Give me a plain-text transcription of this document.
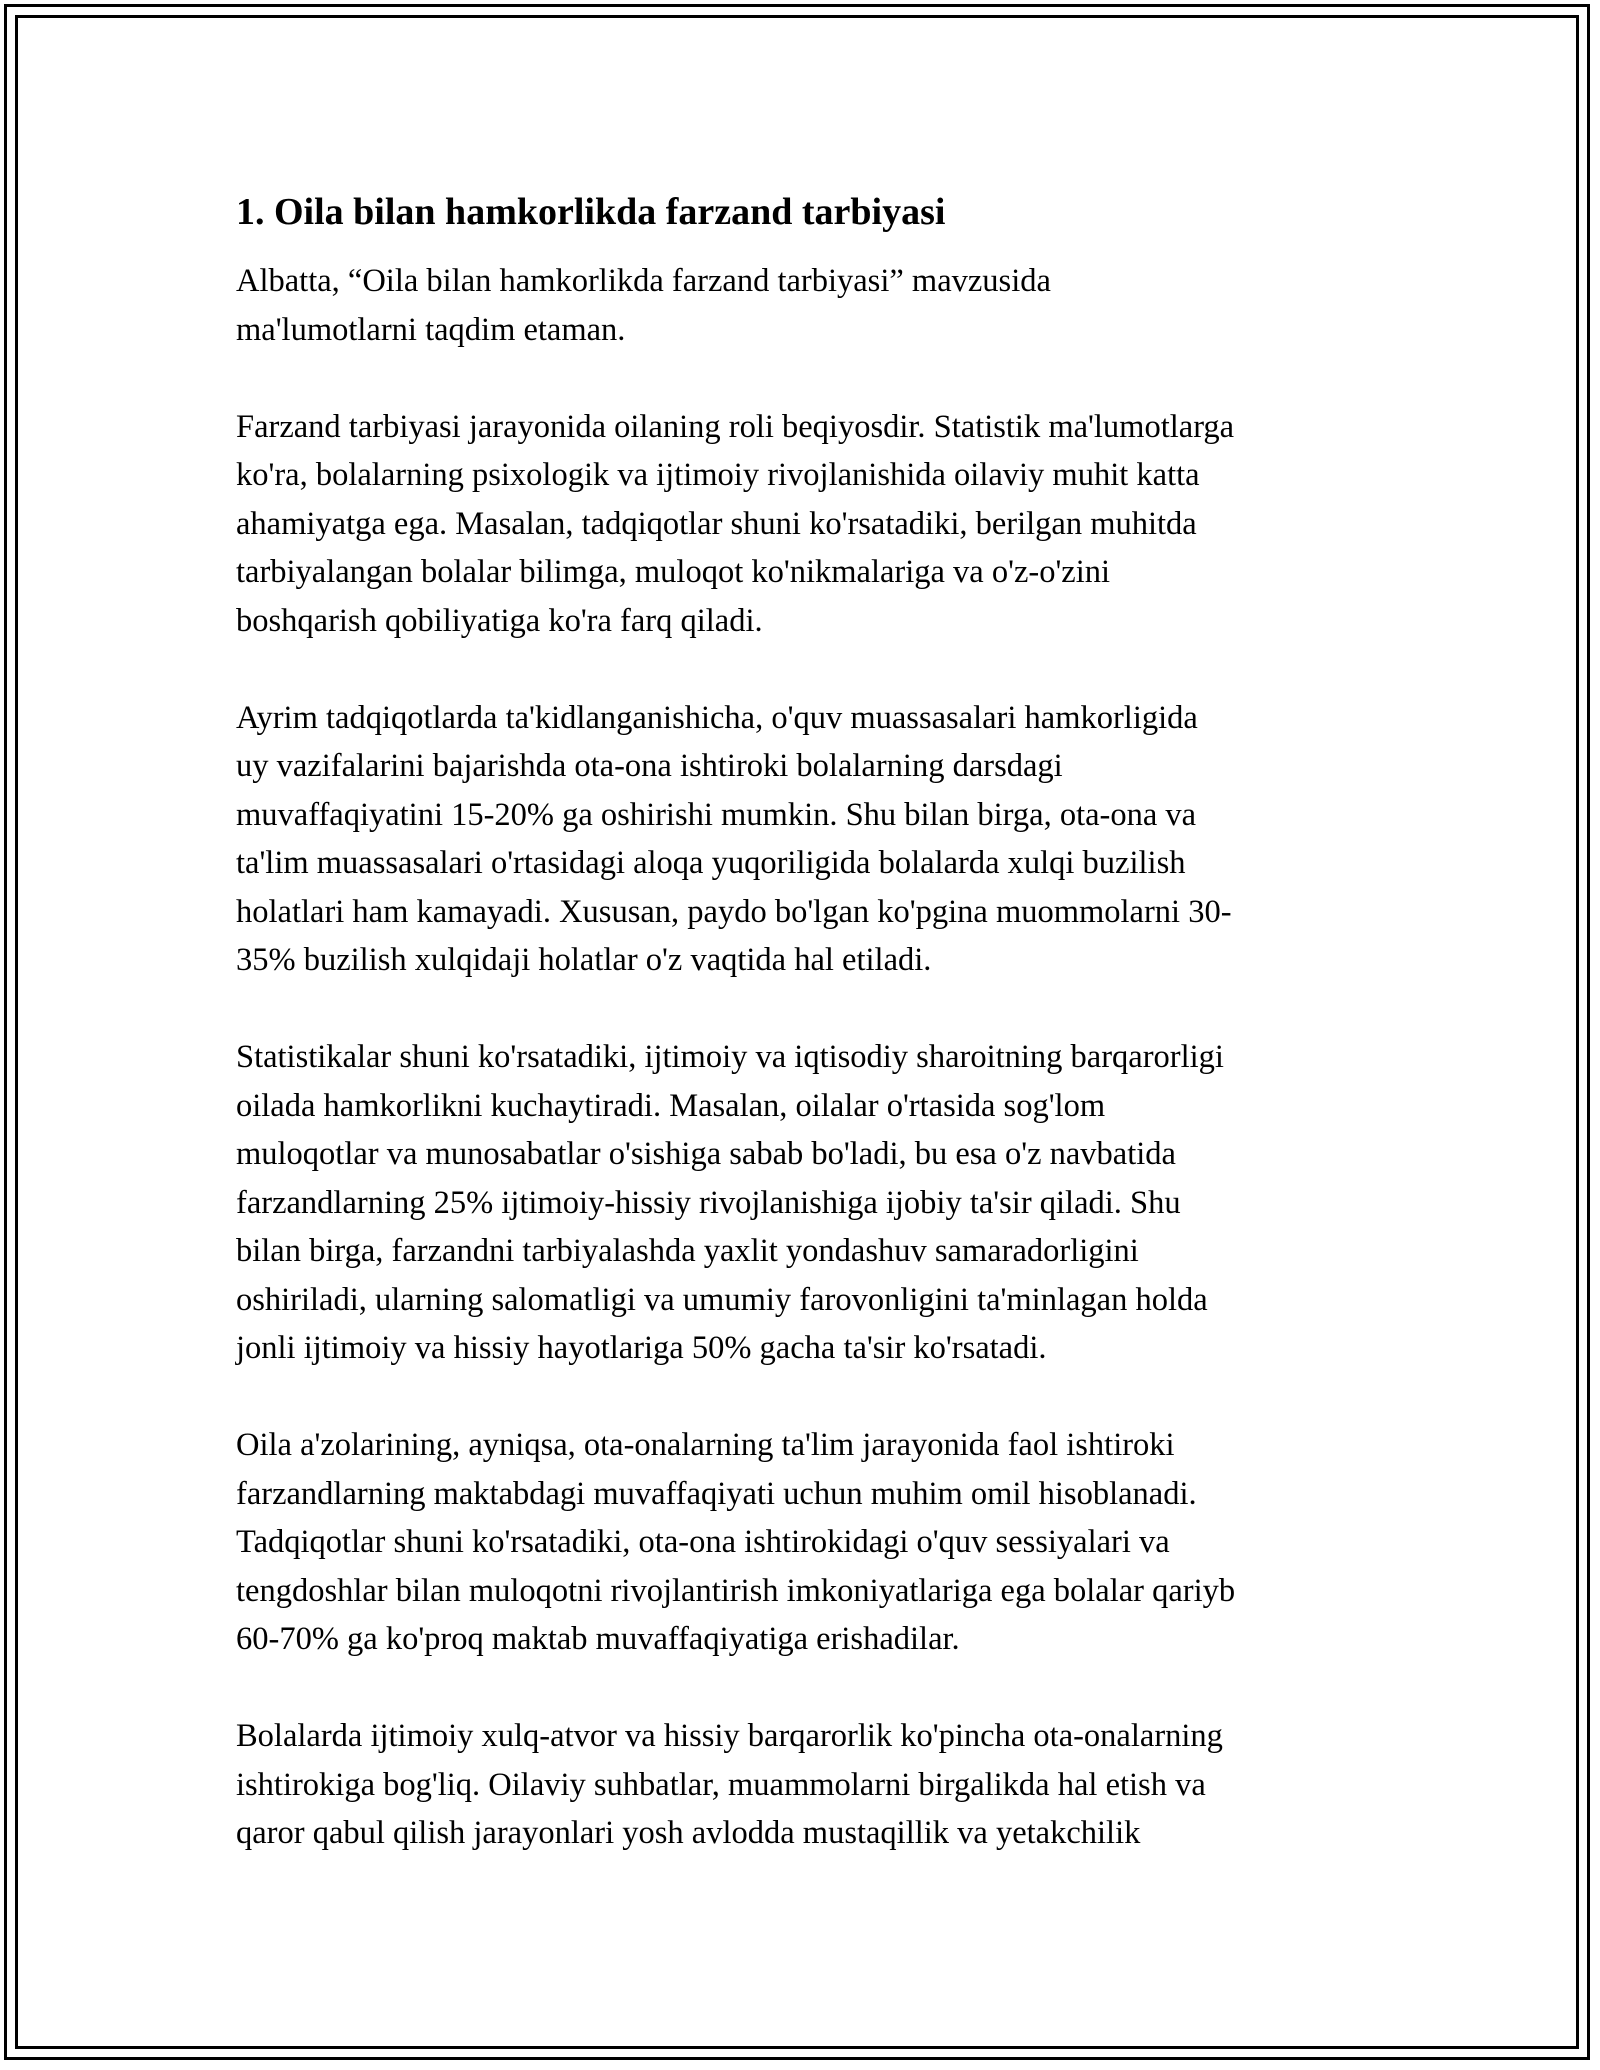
1. Oila bilan hamkorlikda farzand tarbiyasi

Albatta, “Oila bilan hamkorlikda farzand tarbiyasi” mavzusida
ma'lumotlarni taqdim etaman.

Farzand tarbiyasi jarayonida oilaning roli beqiyosdir. Statistik ma'lumotlarga
ko'ra, bolalarning psixologik va ijtimoiy rivojlanishida oilaviy muhit katta
ahamiyatga ega. Masalan, tadqiqotlar shuni ko'rsatadiki, berilgan muhitda
tarbiyalangan bolalar bilimga, muloqot ko'nikmalariga va o'z-o'zini
boshqarish qobiliyatiga ko'ra farq qiladi.

Ayrim tadqiqotlarda ta'kidlanganishicha, o'quv muassasalari hamkorligida
uy vazifalarini bajarishda ota-ona ishtiroki bolalarning darsdagi
muvaffaqiyatini 15-20% ga oshirishi mumkin. Shu bilan birga, ota-ona va
ta'lim muassasalari o'rtasidagi aloqa yuqoriligida bolalarda xulqi buzilish
holatlari ham kamayadi. Xususan, paydo bo'lgan ko'pgina muommolarni 30-
35% buzilish xulqidaji holatlar o'z vaqtida hal etiladi.

Statistikalar shuni ko'rsatadiki, ijtimoiy va iqtisodiy sharoitning barqarorligi
oilada hamkorlikni kuchaytiradi. Masalan, oilalar o'rtasida sog'lom
muloqotlar va munosabatlar o'sishiga sabab bo'ladi, bu esa o'z navbatida
farzandlarning 25% ijtimoiy-hissiy rivojlanishiga ijobiy ta'sir qiladi. Shu
bilan birga, farzandni tarbiyalashda yaxlit yondashuv samaradorligini
oshiriladi, ularning salomatligi va umumiy farovonligini ta'minlagan holda
jonli ijtimoiy va hissiy hayotlariga 50% gacha ta'sir ko'rsatadi.

Oila a'zolarining, ayniqsa, ota-onalarning ta'lim jarayonida faol ishtiroki
farzandlarning maktabdagi muvaffaqiyati uchun muhim omil hisoblanadi.
Tadqiqotlar shuni ko'rsatadiki, ota-ona ishtirokidagi o'quv sessiyalari va
tengdoshlar bilan muloqotni rivojlantirish imkoniyatlariga ega bolalar qariyb
60-70% ga ko'proq maktab muvaffaqiyatiga erishadilar.

Bolalarda ijtimoiy xulq-atvor va hissiy barqarorlik ko'pincha ota-onalarning
ishtirokiga bog'liq. Oilaviy suhbatlar, muammolarni birgalikda hal etish va
qaror qabul qilish jarayonlari yosh avlodda mustaqillik va yetakchilik
